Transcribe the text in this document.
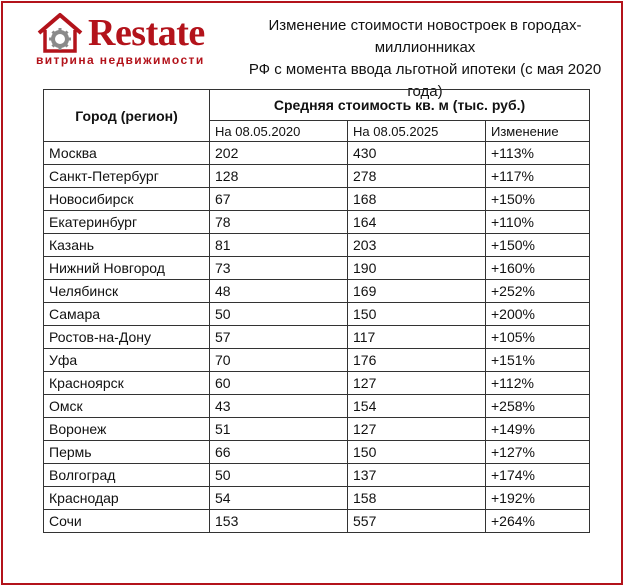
Restate
витрина недвижимости
Изменение стоимости новостроек в городах-миллионниках
РФ с момента ввода льготной ипотеки (с мая 2020 года)
Город (регион)	Средняя стоимость кв. м (тыс. руб.)		
	На 08.05.2020	На 08.05.2025	Изменение
Москва	202	430	+113%
Санкт-Петербург	128	278	+117%
Новосибирск	67	168	+150%
Екатеринбург	78	164	+110%
Казань	81	203	+150%
Нижний Новгород	73	190	+160%
Челябинск	48	169	+252%
Самара	50	150	+200%
Ростов-на-Дону	57	117	+105%
Уфа	70	176	+151%
Красноярск	60	127	+112%
Омск	43	154	+258%
Воронеж	51	127	+149%
Пермь	66	150	+127%
Волгоград	50	137	+174%
Краснодар	54	158	+192%
Сочи	153	557	+264%
